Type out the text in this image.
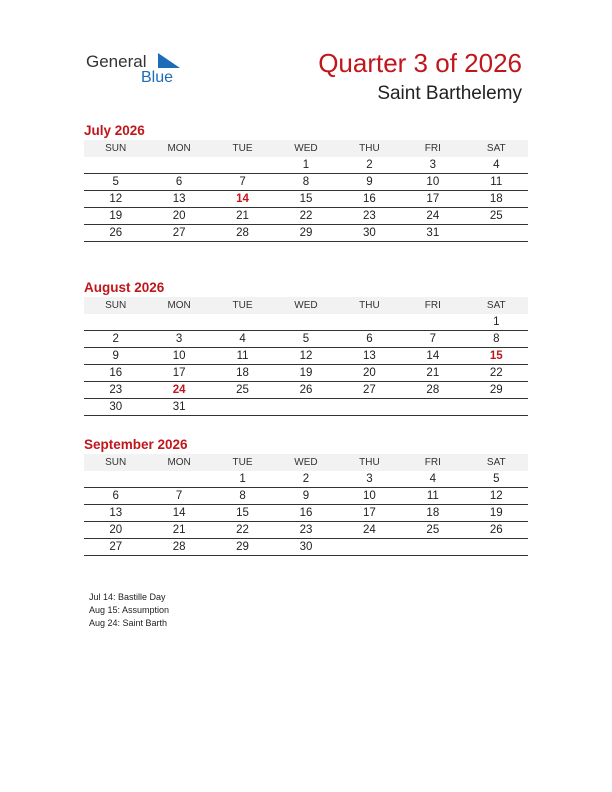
General
Blue	Quarter 3 of 2026
Saint Barthelemy
July 2026
SUN	MON	TUE	WED	THU	FRI	SAT
			1	2	3	4
5	6	7	8	9	10	11
12	13	14	15	16	17	18
19	20	21	22	23	24	25
26	27	28	29	30	31	
August 2026
SUN	MON	TUE	WED	THU	FRI	SAT
						1
2	3	4	5	6	7	8
9	10	11	12	13	14	15
16	17	18	19	20	21	22
23	24	25	26	27	28	29
30	31					
September 2026
SUN	MON	TUE	WED	THU	FRI	SAT
		1	2	3	4	5
6	7	8	9	10	11	12
13	14	15	16	17	18	19
20	21	22	23	24	25	26
27	28	29	30			
Jul 14: Bastille Day
Aug 15: Assumption
Aug 24: Saint Barth
